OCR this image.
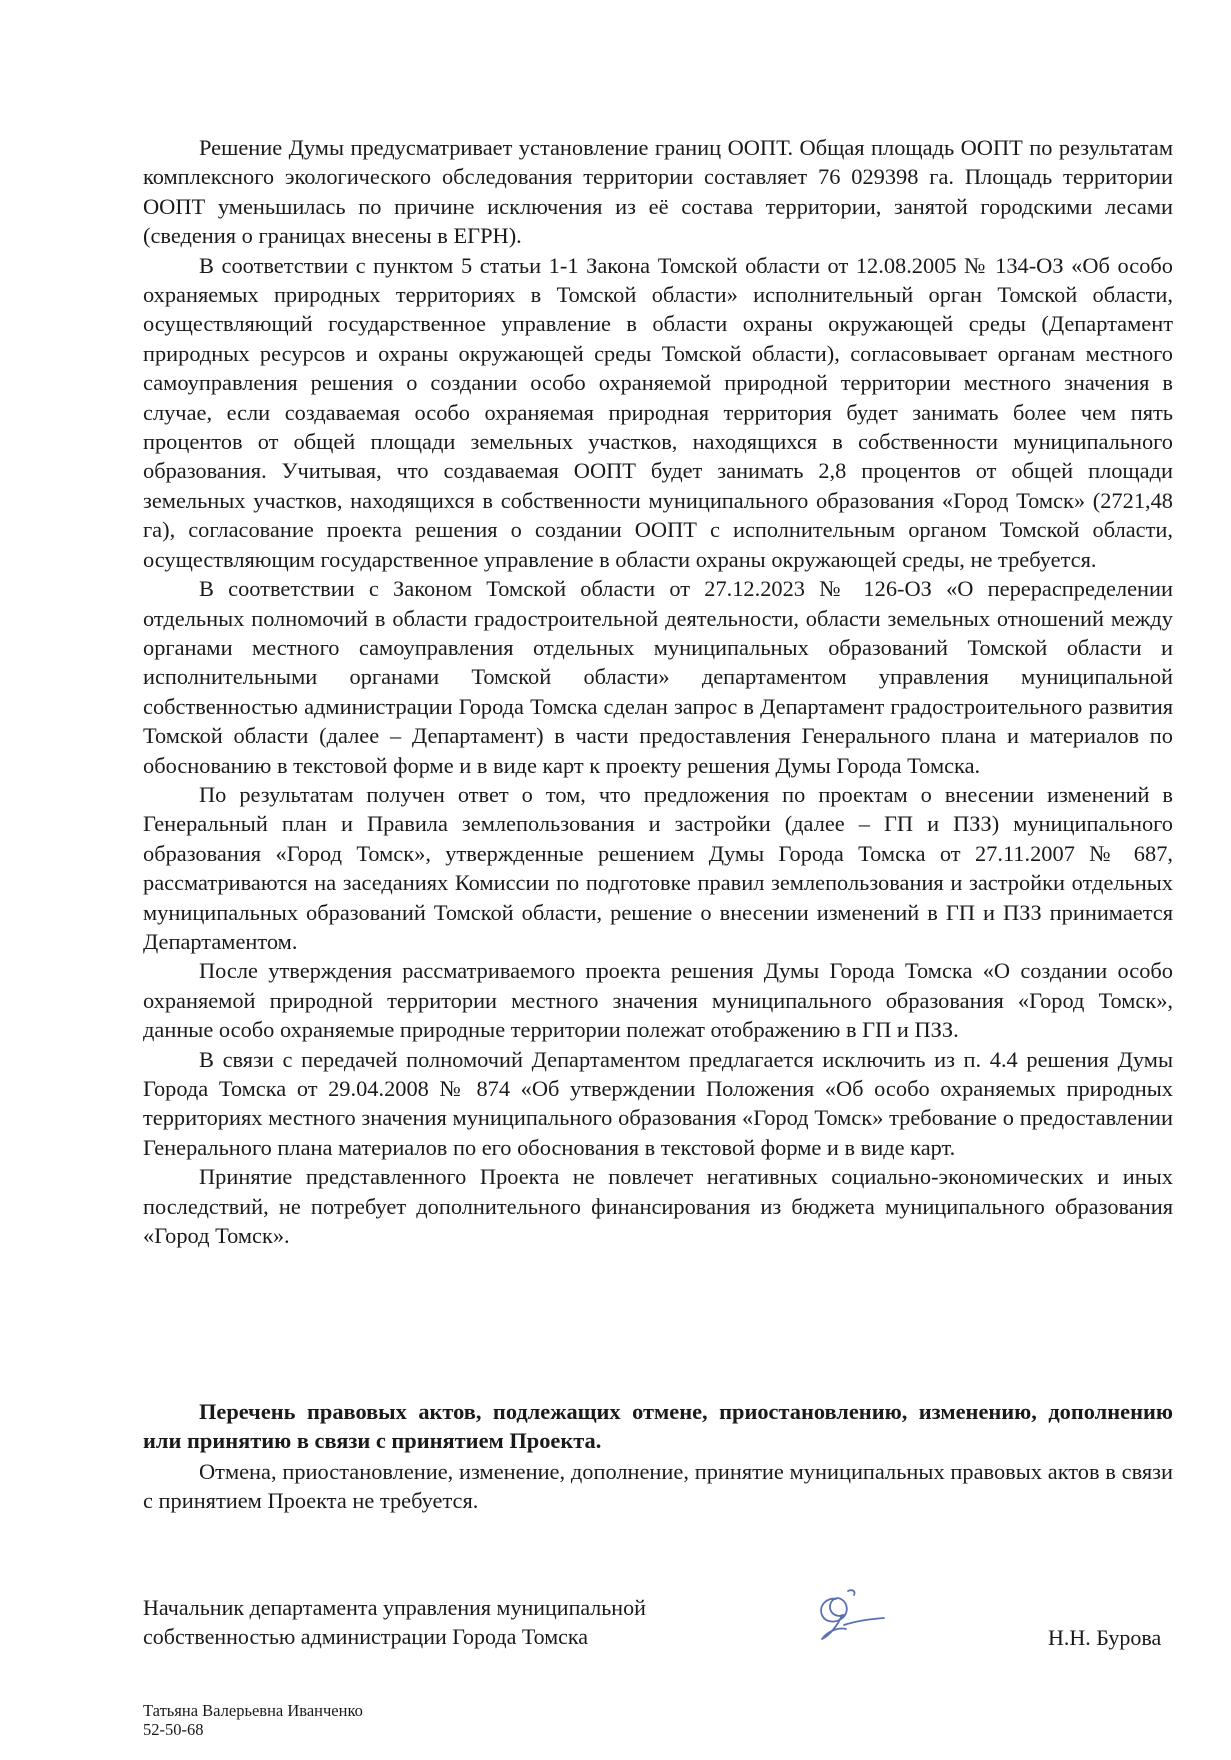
Решение Думы предусматривает установление границ ООПТ. Общая площадь ООПТ по результатам комплексного экологического обследования территории составляет 76 029398 га. Площадь территории ООПТ уменьшилась по причине исключения из её состава территории, занятой городскими лесами (сведения о границах внесены в ЕГРН).

В соответствии с пунктом 5 статьи 1-1 Закона Томской области от 12.08.2005 № 134-ОЗ «Об особо охраняемых природных территориях в Томской области» исполнительный орган Томской области, осуществляющий государственное управление в области охраны окружающей среды (Департамент природных ресурсов и охраны окружающей среды Томской области), согласовывает органам местного самоуправления решения о создании особо охраняемой природной территории местного значения в случае, если создаваемая особо охраняемая природная территория будет занимать более чем пять процентов от общей площади земельных участков, находящихся в собственности муниципального образования. Учитывая, что создаваемая ООПТ будет занимать 2,8 процентов от общей площади земельных участков, находящихся в собственности муниципального образования «Город Томск» (2721,48 га), согласование проекта решения о создании ООПТ с исполнительным органом Томской области, осуществляющим государственное управление в области охраны окружающей среды, не требуется.

В соответствии с Законом Томской области от 27.12.2023 № 126-ОЗ «О перераспределении отдельных полномочий в области градостроительной деятельности, области земельных отношений между органами местного самоуправления отдельных муниципальных образований Томской области и исполнительными органами Томской области» департаментом управления муниципальной собственностью администрации Города Томска сделан запрос в Департамент градостроительного развития Томской области (далее – Департамент) в части предоставления Генерального плана и материалов по обоснованию в текстовой форме и в виде карт к проекту решения Думы Города Томска.

По результатам получен ответ о том, что предложения по проектам о внесении изменений в Генеральный план и Правила землепользования и застройки (далее – ГП и ПЗЗ) муниципального образования «Город Томск», утвержденные решением Думы Города Томска от 27.11.2007 № 687, рассматриваются на заседаниях Комиссии по подготовке правил землепользования и застройки отдельных муниципальных образований Томской области, решение о внесении изменений в ГП и ПЗЗ принимается Департаментом.

После утверждения рассматриваемого проекта решения Думы Города Томска «О создании особо охраняемой природной территории местного значения муниципального образования «Город Томск», данные особо охраняемые природные территории полежат отображению в ГП и ПЗЗ.

В связи с передачей полномочий Департаментом предлагается исключить из п. 4.4 решения Думы Города Томска от 29.04.2008 № 874 «Об утверждении Положения «Об особо охраняемых природных территориях местного значения муниципального образования «Город Томск» требование о предоставлении Генерального плана материалов по его обоснования в текстовой форме и в виде карт.

Принятие представленного Проекта не повлечет негативных социально-экономических и иных последствий, не потребует дополнительного финансирования из бюджета муниципального образования «Город Томск».

Перечень правовых актов, подлежащих отмене, приостановлению, изменению, дополнению или принятию в связи с принятием Проекта.

Отмена, приостановление, изменение, дополнение, принятие муниципальных правовых актов в связи с принятием Проекта не требуется.

Начальник департамента управления муниципальной
собственностью администрации Города Томска	Н.Н. Бурова
Татьяна Валерьевна Иванченко
52-50-68
